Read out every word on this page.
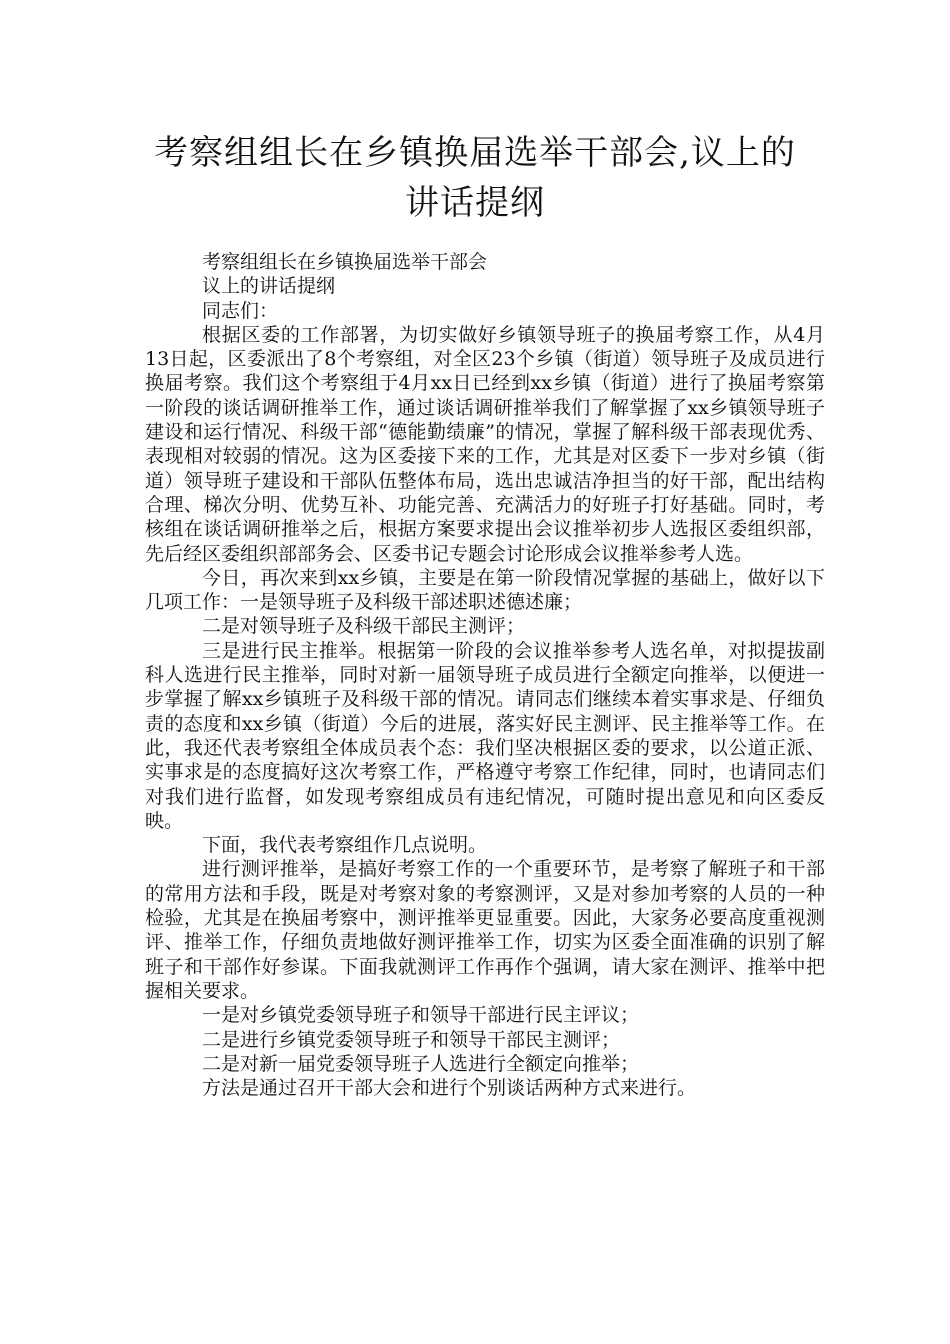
考察组组长在乡镇换届选举干部会,议上的
讲话提纲

考察组组长在乡镇换届选举干部会

议上的讲话提纲

同志们：

根据区委的工作部署，为切实做好乡镇领导班子的换届考察工作，从4月13日起，区委派出了8个考察组，对全区23个乡镇（街道）领导班子及成员进行换届考察。我们这个考察组于4月xx日已经到xx乡镇（街道）进行了换届考察第一阶段的谈话调研推举工作，通过谈话调研推举我们了解掌握了xx乡镇领导班子建设和运行情况、科级干部“德能勤绩廉”的情况，掌握了解科级干部表现优秀、表现相对较弱的情况。这为区委接下来的工作，尤其是对区委下一步对乡镇（街道）领导班子建设和干部队伍整体布局，选出忠诚洁净担当的好干部，配出结构合理、梯次分明、优势互补、功能完善、充满活力的好班子打好基础。同时，考核组在谈话调研推举之后，根据方案要求提出会议推举初步人选报区委组织部，先后经区委组织部部务会、区委书记专题会讨论形成会议推举参考人选。

今日，再次来到xx乡镇，主要是在第一阶段情况掌握的基础上，做好以下几项工作：一是领导班子及科级干部述职述德述廉；

二是对领导班子及科级干部民主测评；

三是进行民主推举。根据第一阶段的会议推举参考人选名单，对拟提拔副科人选进行民主推举，同时对新一届领导班子成员进行全额定向推举，以便进一步掌握了解xx乡镇班子及科级干部的情况。请同志们继续本着实事求是、仔细负责的态度和xx乡镇（街道）今后的进展，落实好民主测评、民主推举等工作。在此，我还代表考察组全体成员表个态：我们坚决根据区委的要求，以公道正派、实事求是的态度搞好这次考察工作，严格遵守考察工作纪律，同时，也请同志们对我们进行监督，如发现考察组成员有违纪情况，可随时提出意见和向区委反映。

下面，我代表考察组作几点说明。

进行测评推举，是搞好考察工作的一个重要环节，是考察了解班子和干部的常用方法和手段，既是对考察对象的考察测评，又是对参加考察的人员的一种检验，尤其是在换届考察中，测评推举更显重要。因此，大家务必要高度重视测评、推举工作，仔细负责地做好测评推举工作，切实为区委全面准确的识别了解班子和干部作好参谋。下面我就测评工作再作个强调，请大家在测评、推举中把握相关要求。

一是对乡镇党委领导班子和领导干部进行民主评议；

二是进行乡镇党委领导班子和领导干部民主测评；

二是对新一届党委领导班子人选进行全额定向推举；

方法是通过召开干部大会和进行个别谈话两种方式来进行。
